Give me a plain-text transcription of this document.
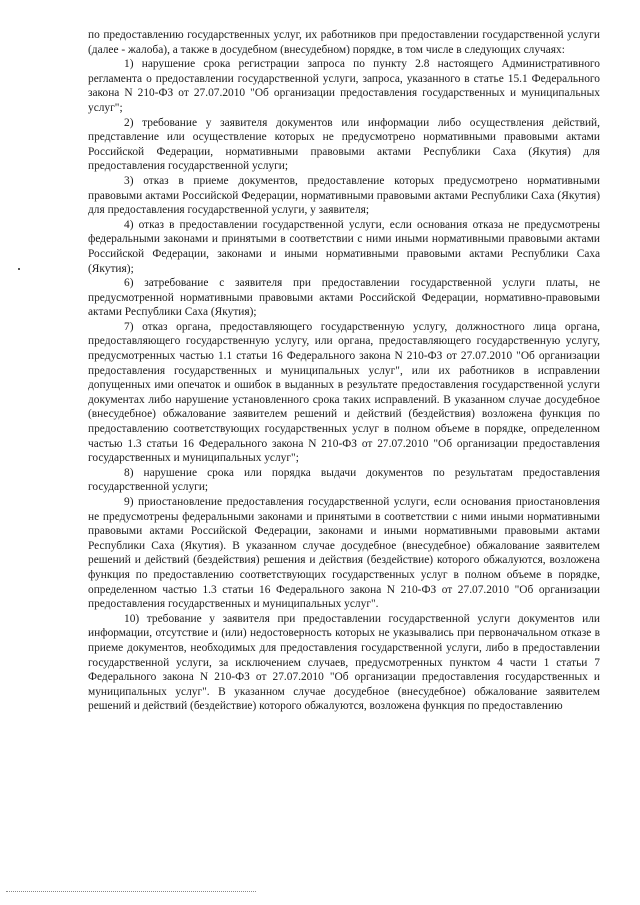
по предоставлению государственных услуг, их работников при предоставлении государственной услуги (далее - жалоба), а также в досудебном (внесудебном) порядке, в том числе в следующих случаях:

1) нарушение срока регистрации запроса по пункту 2.8 настоящего Административного регламента о предоставлении государственной услуги, запроса, указанного в статье 15.1 Федерального закона N 210-ФЗ от 27.07.2010 "Об организации предоставления государственных и муниципальных услуг";

2) требование у заявителя документов или информации либо осуществления действий, представление или осуществление которых не предусмотрено нормативными правовыми актами Российской Федерации, нормативными правовыми актами Республики Саха (Якутия) для предоставления государственной услуги;

3) отказ в приеме документов, предоставление которых предусмотрено нормативными правовыми актами Российской Федерации, нормативными правовыми актами Республики Саха (Якутия) для предоставления государственной услуги, у заявителя;

4) отказ в предоставлении государственной услуги, если основания отказа не предусмотрены федеральными законами и принятыми в соответствии с ними иными нормативными правовыми актами Российской Федерации, законами и иными нормативными правовыми актами Республики Саха (Якутия);

6) затребование с заявителя при предоставлении государственной услуги платы, не предусмотренной нормативными правовыми актами Российской Федерации, нормативно-правовыми актами Республики Саха (Якутия);

7) отказ органа, предоставляющего государственную услугу, должностного лица органа, предоставляющего государственную услугу, или органа, предоставляющего государственную услугу, предусмотренных частью 1.1 статьи 16 Федерального закона N 210-ФЗ от 27.07.2010 "Об организации предоставления государственных и муниципальных услуг", или их работников в исправлении допущенных ими опечаток и ошибок в выданных в результате предоставления государственной услуги документах либо нарушение установленного срока таких исправлений. В указанном случае досудебное (внесудебное) обжалование заявителем решений и действий (бездействия) возложена функция по предоставлению соответствующих государственных услуг в полном объеме в порядке, определенном частью 1.3 статьи 16 Федерального закона N 210-ФЗ от 27.07.2010 "Об организации предоставления государственных и муниципальных услуг";

8) нарушение срока или порядка выдачи документов по результатам предоставления государственной услуги;

9) приостановление предоставления государственной услуги, если основания приостановления не предусмотрены федеральными законами и принятыми в соответствии с ними иными нормативными правовыми актами Российской Федерации, законами и иными нормативными правовыми актами Республики Саха (Якутия). В указанном случае досудебное (внесудебное) обжалование заявителем решений и действий (бездействия) решения и действия (бездействие) которого обжалуются, возложена функция по предоставлению соответствующих государственных услуг в полном объеме в порядке, определенном частью 1.3 статьи 16 Федерального закона N 210-ФЗ от 27.07.2010 "Об организации предоставления государственных и муниципальных услуг".

10) требование у заявителя при предоставлении государственной услуги документов или информации, отсутствие и (или) недостоверность которых не указывались при первоначальном отказе в приеме документов, необходимых для предоставления государственной услуги, либо в предоставлении государственной услуги, за исключением случаев, предусмотренных пунктом 4 части 1 статьи 7 Федерального закона N 210-ФЗ от 27.07.2010 "Об организации предоставления государственных и муниципальных услуг". В указанном случае досудебное (внесудебное) обжалование заявителем решений и действий (бездействие) которого обжалуются, возложена функция по предоставлению
